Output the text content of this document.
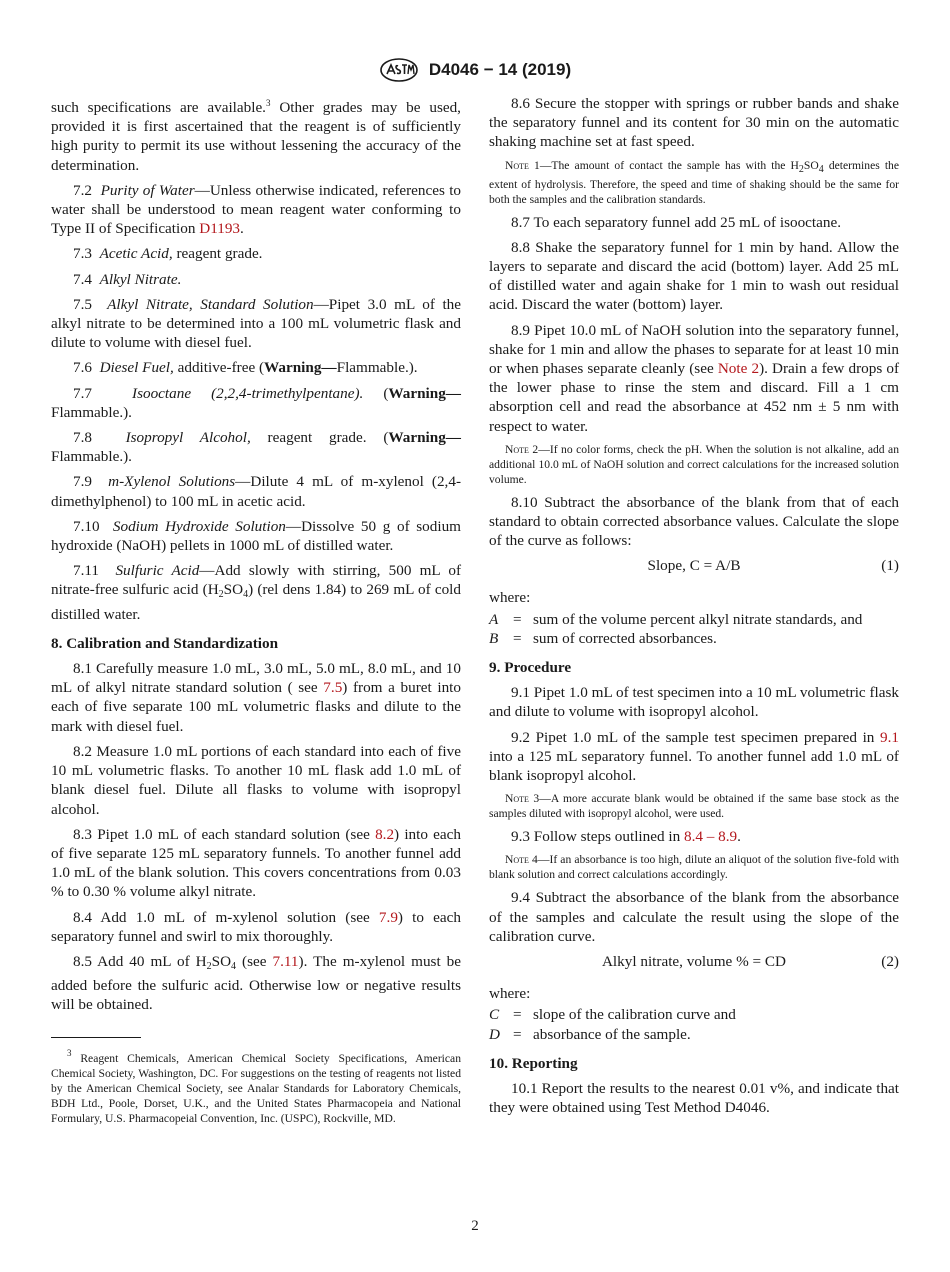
D4046 − 14 (2019)

such specifications are available.$^3$ Other grades may be used, provided it is first ascertained that the reagent is of sufficiently high purity to permit its use without lessening the accuracy of the determination.

7.2 Purity of Water—Unless otherwise indicated, references to water shall be understood to mean reagent water conforming to Type II of Specification D1193.

7.3 Acetic Acid, reagent grade.

7.4 Alkyl Nitrate.

7.5 Alkyl Nitrate, Standard Solution—Pipet 3.0 mL of the alkyl nitrate to be determined into a 100 mL volumetric flask and dilute to volume with diesel fuel.

7.6 Diesel Fuel, additive-free (Warning—Flammable.).

7.7	Isooctane (2,2,4-trimethylpentane). (Warning—Flammable.).

7.8 Isopropyl Alcohol, reagent grade. (Warning—Flammable.).

7.9 m-Xylenol Solutions—Dilute 4 mL of m-xylenol (2,4-dimethylphenol) to 100 mL in acetic acid.

7.10 Sodium Hydroxide Solution—Dissolve 50 g of sodium hydroxide (NaOH) pellets in 1000 mL of distilled water.

7.11 Sulfuric Acid—Add slowly with stirring, 500 mL of nitrate-free sulfuric acid $(H_2SO_4)$ (rel dens 1.84) to 269 mL of cold distilled water.

8. Calibration and Standardization

8.1 Carefully measure 1.0 mL, 3.0 mL, 5.0 mL, 8.0 mL, and 10 mL of alkyl nitrate standard solution ( see 7.5) from a buret into each of five separate 100 mL volumetric flasks and dilute to the mark with diesel fuel.

8.2 Measure 1.0 mL portions of each standard into each of five 10 mL volumetric flasks. To another 10 mL flask add 1.0 mL of blank diesel fuel. Dilute all flasks to volume with isopropyl alcohol.

8.3 Pipet 1.0 mL of each standard solution (see 8.2) into each of five separate 125 mL separatory funnels. To another funnel add 1.0 mL of the blank solution. This covers concentrations from 0.03 % to 0.30 % volume alkyl nitrate.

8.4 Add 1.0 mL of m-xylenol solution (see 7.9) to each separatory funnel and swirl to mix thoroughly.

8.5 Add 40 mL of $H_2SO_4$ (see 7.11). The m-xylenol must be added before the sulfuric acid. Otherwise low or negative results will be obtained.

$^3$ Reagent Chemicals, American Chemical Society Specifications, American Chemical Society, Washington, DC. For suggestions on the testing of reagents not listed by the American Chemical Society, see Analar Standards for Laboratory Chemicals, BDH Ltd., Poole, Dorset, U.K., and the United States Pharmacopeia and National Formulary, U.S. Pharmacopeial Convention, Inc. (USPC), Rockville, MD.

8.6 Secure the stopper with springs or rubber bands and shake the separatory funnel and its content for 30 min on the automatic shaking machine set at fast speed.

Note 1—The amount of contact the sample has with the $H_2SO_4$ determines the extent of hydrolysis. Therefore, the speed and time of shaking should be the same for both the samples and the calibration standards.

8.7 To each separatory funnel add 25 mL of isooctane.

8.8 Shake the separatory funnel for 1 min by hand. Allow the layers to separate and discard the acid (bottom) layer. Add 25 mL of distilled water and again shake for 1 min to wash out residual acid. Discard the water (bottom) layer.

8.9 Pipet 10.0 mL of NaOH solution into the separatory funnel, shake for 1 min and allow the phases to separate for at least 10 min or when phases separate cleanly (see Note 2). Drain a few drops of the lower phase to rinse the stem and discard. Fill a 1 cm absorption cell and read the absorbance at 452 nm ± 5 nm with respect to water.

Note 2—If no color forms, check the pH. When the solution is not alkaline, add an additional 10.0 mL of NaOH solution and correct calculations for the increased solution volume.

8.10 Subtract the absorbance of the blank from that of each standard to obtain corrected absorbance values. Calculate the slope of the curve as follows:

Slope, C = A/B	(1)

where:

A = sum of the volume percent alkyl nitrate standards, and
B = sum of corrected absorbances.
9. Procedure

9.1 Pipet 1.0 mL of test specimen into a 10 mL volumetric flask and dilute to volume with isopropyl alcohol.

9.2 Pipet 1.0 mL of the sample test specimen prepared in 9.1 into a 125 mL separatory funnel. To another funnel add 1.0 mL of blank isopropyl alcohol.

Note 3—A more accurate blank would be obtained if the same base stock as the samples diluted with isopropyl alcohol, were used.

9.3 Follow steps outlined in 8.4 – 8.9.

Note 4—If an absorbance is too high, dilute an aliquot of the solution five-fold with blank solution and correct calculations accordingly.

9.4 Subtract the absorbance of the blank from the absorbance of the samples and calculate the result using the slope of the calibration curve.

Alkyl nitrate, volume % = CD	(2)

where:

C = slope of the calibration curve and
D = absorbance of the sample.
10. Reporting

10.1 Report the results to the nearest 0.01 v%, and indicate that they were obtained using Test Method D4046.

2
